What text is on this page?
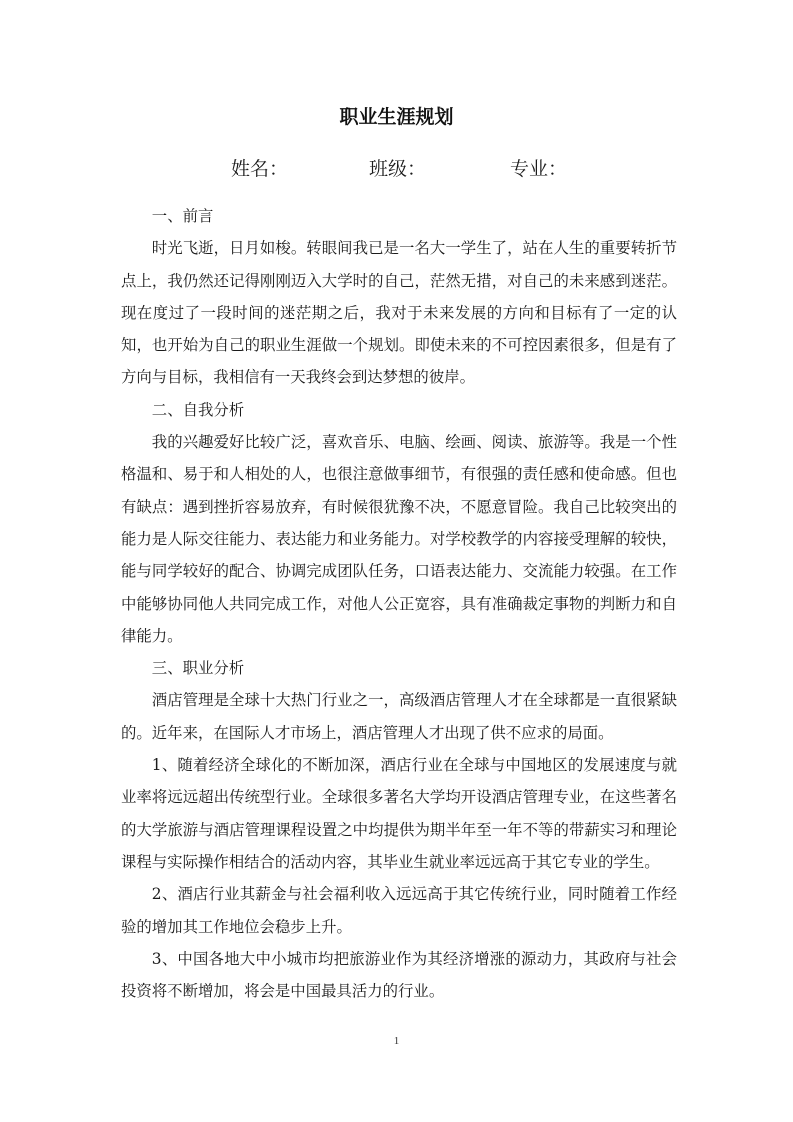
职业生涯规划
姓名：	班级：	专业：

一、前言

时光飞逝，日月如梭。转眼间我已是一名大一学生了，站在人生的重要转折节点上，我仍然还记得刚刚迈入大学时的自己，茫然无措，对自己的未来感到迷茫。现在度过了一段时间的迷茫期之后，我对于未来发展的方向和目标有了一定的认知，也开始为自己的职业生涯做一个规划。即使未来的不可控因素很多，但是有了方向与目标，我相信有一天我终会到达梦想的彼岸。

二、自我分析

我的兴趣爱好比较广泛，喜欢音乐、电脑、绘画、阅读、旅游等。我是一个性格温和、易于和人相处的人，也很注意做事细节，有很强的责任感和使命感。但也有缺点：遇到挫折容易放弃，有时候很犹豫不决，不愿意冒险。我自己比较突出的能力是人际交往能力、表达能力和业务能力。对学校教学的内容接受理解的较快，能与同学较好的配合、协调完成团队任务，口语表达能力、交流能力较强。在工作中能够协同他人共同完成工作，对他人公正宽容，具有准确裁定事物的判断力和自律能力。

三、职业分析

酒店管理是全球十大热门行业之一，高级酒店管理人才在全球都是一直很紧缺的。近年来，在国际人才市场上，酒店管理人才出现了供不应求的局面。

1、随着经济全球化的不断加深，酒店行业在全球与中国地区的发展速度与就业率将远远超出传统型行业。全球很多著名大学均开设酒店管理专业，在这些著名的大学旅游与酒店管理课程设置之中均提供为期半年至一年不等的带薪实习和理论课程与实际操作相结合的活动内容，其毕业生就业率远远高于其它专业的学生。

2、酒店行业其薪金与社会福利收入远远高于其它传统行业，同时随着工作经验的增加其工作地位会稳步上升。

3、中国各地大中小城市均把旅游业作为其经济增涨的源动力，其政府与社会投资将不断增加，将会是中国最具活力的行业。

1
